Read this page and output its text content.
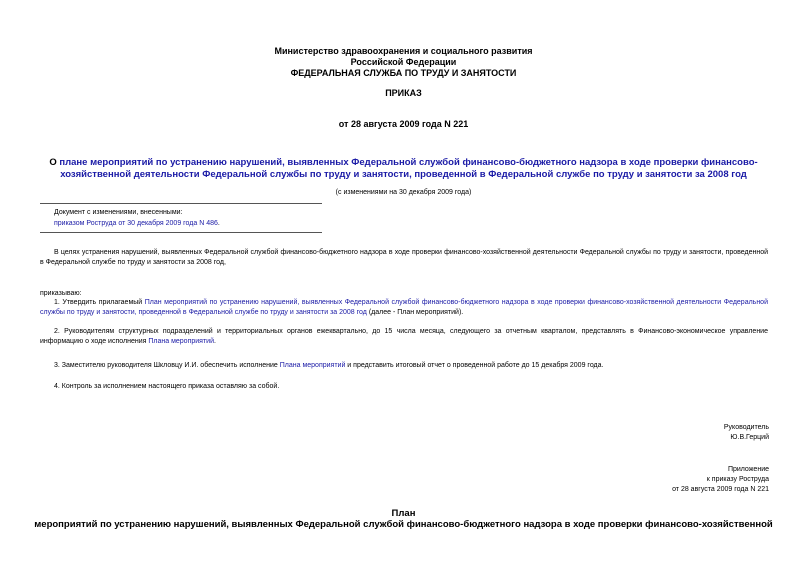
Министерство здравоохранения и социального развития
Российской Федерации
ФЕДЕРАЛЬНАЯ СЛУЖБА ПО ТРУДУ И ЗАНЯТОСТИ
ПРИКАЗ
от 28 августа 2009 года N 221
О плане мероприятий по устранению нарушений, выявленных Федеральной службой финансово-бюджетного надзора в ходе проверки финансово-хозяйственной деятельности Федеральной службы по труду и занятости, проведенной в Федеральной службе по труду и занятости за 2008 год
(с изменениями на 30 декабря 2009 года)
Документ с изменениями, внесенными:
приказом Роструда от 30 декабря 2009 года N 486.
В целях устранения нарушений, выявленных Федеральной службой финансово-бюджетного надзора в ходе проверки финансово-хозяйственной деятельности Федеральной службы по труду и занятости, проведенной в Федеральной службе по труду и занятости за 2008 год,
приказываю:
1. Утвердить прилагаемый План мероприятий по устранению нарушений, выявленных Федеральной службой финансово-бюджетного надзора в ходе проверки финансово-хозяйственной деятельности Федеральной службы по труду и занятости, проведенной в Федеральной службе по труду и занятости за 2008 год (далее - План мероприятий).
2. Руководителям структурных подразделений и территориальных органов ежеквартально, до 15 числа месяца, следующего за отчетным кварталом, представлять в Финансово-экономическое управление информацию о ходе исполнения Плана мероприятий.
3. Заместителю руководителя Шкловцу И.И. обеспечить исполнение Плана мероприятий и представить итоговый отчет о проведенной работе до 15 декабря 2009 года.
4. Контроль за исполнением настоящего приказа оставляю за собой.
Руководитель
Ю.В.Герций
Приложение
к приказу Роструда
от 28 августа 2009 года N 221
План
мероприятий по устранению нарушений, выявленных Федеральной службой финансово-бюджетного надзора в ходе проверки финансово-хозяйственной
